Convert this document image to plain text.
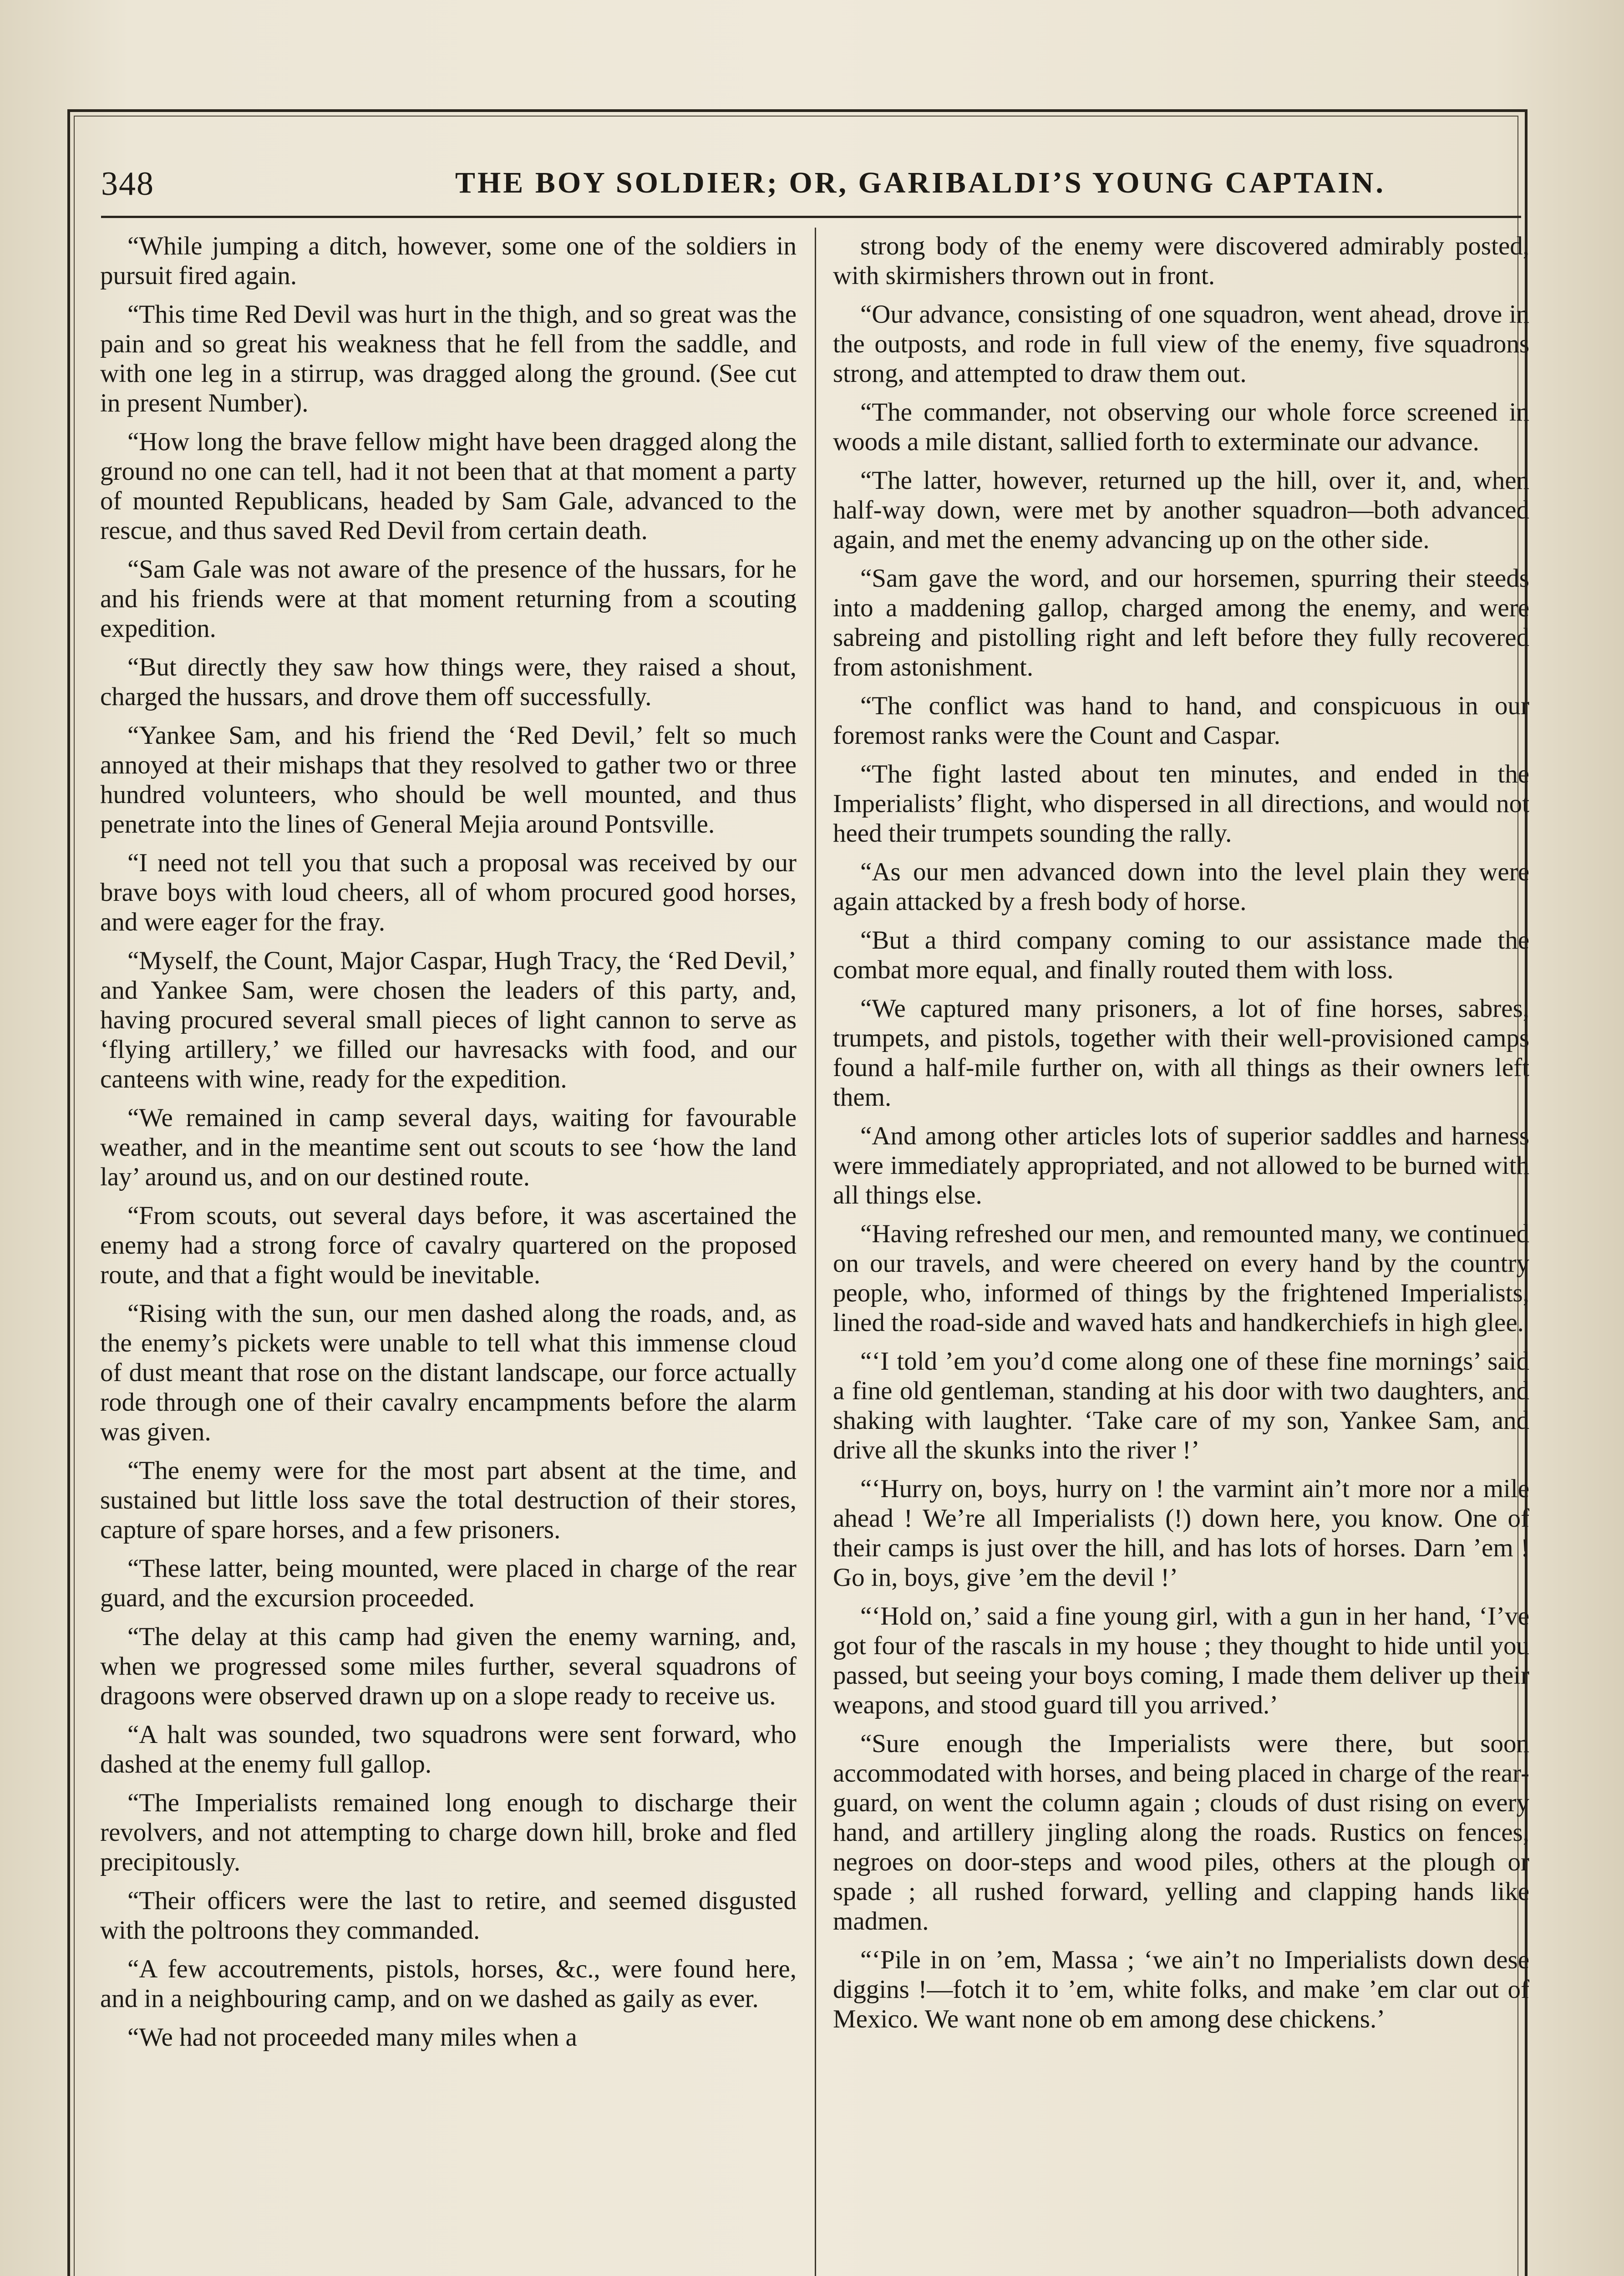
348	THE BOY SOLDIER; OR, GARIBALDI’S YOUNG CAPTAIN.

“While jumping a ditch, however, some one of the soldiers in pursuit fired again.

“This time Red Devil was hurt in the thigh, and so great was the pain and so great his weakness that he fell from the saddle, and with one leg in a stirrup, was dragged along the ground. (See cut in present Number).

“How long the brave fellow might have been dragged along the ground no one can tell, had it not been that at that moment a party of mounted Republicans, headed by Sam Gale, advanced to the rescue, and thus saved Red Devil from certain death.

“Sam Gale was not aware of the presence of the hussars, for he and his friends were at that moment returning from a scouting expedition.

“But directly they saw how things were, they raised a shout, charged the hussars, and drove them off successfully.

“Yankee Sam, and his friend the ‘Red Devil,’ felt so much annoyed at their mishaps that they resolved to gather two or three hundred volunteers, who should be well mounted, and thus penetrate into the lines of General Mejia around Pontsville.

“I need not tell you that such a proposal was received by our brave boys with loud cheers, all of whom procured good horses, and were eager for the fray.

“Myself, the Count, Major Caspar, Hugh Tracy, the ‘Red Devil,’ and Yankee Sam, were chosen the leaders of this party, and, having procured several small pieces of light cannon to serve as ‘flying artillery,’ we filled our havresacks with food, and our canteens with wine, ready for the expedition.

“We remained in camp several days, waiting for favourable weather, and in the meantime sent out scouts to see ‘how the land lay’ around us, and on our destined route.

“From scouts, out several days before, it was ascertained the enemy had a strong force of cavalry quartered on the proposed route, and that a fight would be inevitable.

“Rising with the sun, our men dashed along the roads, and, as the enemy’s pickets were unable to tell what this immense cloud of dust meant that rose on the distant landscape, our force actually rode through one of their cavalry encampments before the alarm was given.

“The enemy were for the most part absent at the time, and sustained but little loss save the total destruction of their stores, capture of spare horses, and a few prisoners.

“These latter, being mounted, were placed in charge of the rear guard, and the excursion proceeded.

“The delay at this camp had given the enemy warning, and, when we progressed some miles further, several squadrons of dragoons were observed drawn up on a slope ready to receive us.

“A halt was sounded, two squadrons were sent forward, who dashed at the enemy full gallop.

“The Imperialists remained long enough to discharge their revolvers, and not attempting to charge down hill, broke and fled precipitously.

“Their officers were the last to retire, and seemed disgusted with the poltroons they commanded.

“A few accoutrements, pistols, horses, &c., were found here, and in a neighbouring camp, and on we dashed as gaily as ever.

“We had not proceeded many miles when a

strong body of the enemy were discovered admirably posted, with skirmishers thrown out in front.

“Our advance, consisting of one squadron, went ahead, drove in the outposts, and rode in full view of the enemy, five squadrons strong, and attempted to draw them out.

“The commander, not observing our whole force screened in woods a mile distant, sallied forth to exterminate our advance.

“The latter, however, returned up the hill, over it, and, when half-way down, were met by another squadron—both advanced again, and met the enemy advancing up on the other side.

“Sam gave the word, and our horsemen, spurring their steeds into a maddening gallop, charged among the enemy, and were sabreing and pistolling right and left before they fully recovered from astonishment.

“The conflict was hand to hand, and conspicuous in our foremost ranks were the Count and Caspar.

“The fight lasted about ten minutes, and ended in the Imperialists’ flight, who dispersed in all directions, and would not heed their trumpets sounding the rally.

“As our men advanced down into the level plain they were again attacked by a fresh body of horse.

“But a third company coming to our assistance made the combat more equal, and finally routed them with loss.

“We captured many prisoners, a lot of fine horses, sabres, trumpets, and pistols, together with their well-provisioned camps found a half-mile further on, with all things as their owners left them.

“And among other articles lots of superior saddles and harness were immediately appropriated, and not allowed to be burned with all things else.

“Having refreshed our men, and remounted many, we continued on our travels, and were cheered on every hand by the country people, who, informed of things by the frightened Imperialists, lined the road-side and waved hats and handkerchiefs in high glee.

“‘I told ’em you’d come along one of these fine mornings’ said a fine old gentleman, standing at his door with two daughters, and shaking with laughter. ‘Take care of my son, Yankee Sam, and drive all the skunks into the river !’

“‘Hurry on, boys, hurry on ! the varmint ain’t more nor a mile ahead ! We’re all Imperialists (!) down here, you know. One of their camps is just over the hill, and has lots of horses. Darn ’em ! Go in, boys, give ’em the devil !’

“‘Hold on,’ said a fine young girl, with a gun in her hand, ‘I’ve got four of the rascals in my house ; they thought to hide until you passed, but seeing your boys coming, I made them deliver up their weapons, and stood guard till you arrived.’

“Sure enough the Imperialists were there, but soon accommodated with horses, and being placed in charge of the rear-guard, on went the column again ; clouds of dust rising on every hand, and artillery jingling along the roads. Rustics on fences, negroes on door-steps and wood piles, others at the plough or spade ; all rushed forward, yelling and clapping hands like madmen.

“‘Pile in on ’em, Massa ; ‘we ain’t no Imperialists down dese diggins !—fotch it to ’em, white folks, and make ’em clar out of Mexico. We want none ob em among dese chickens.’
